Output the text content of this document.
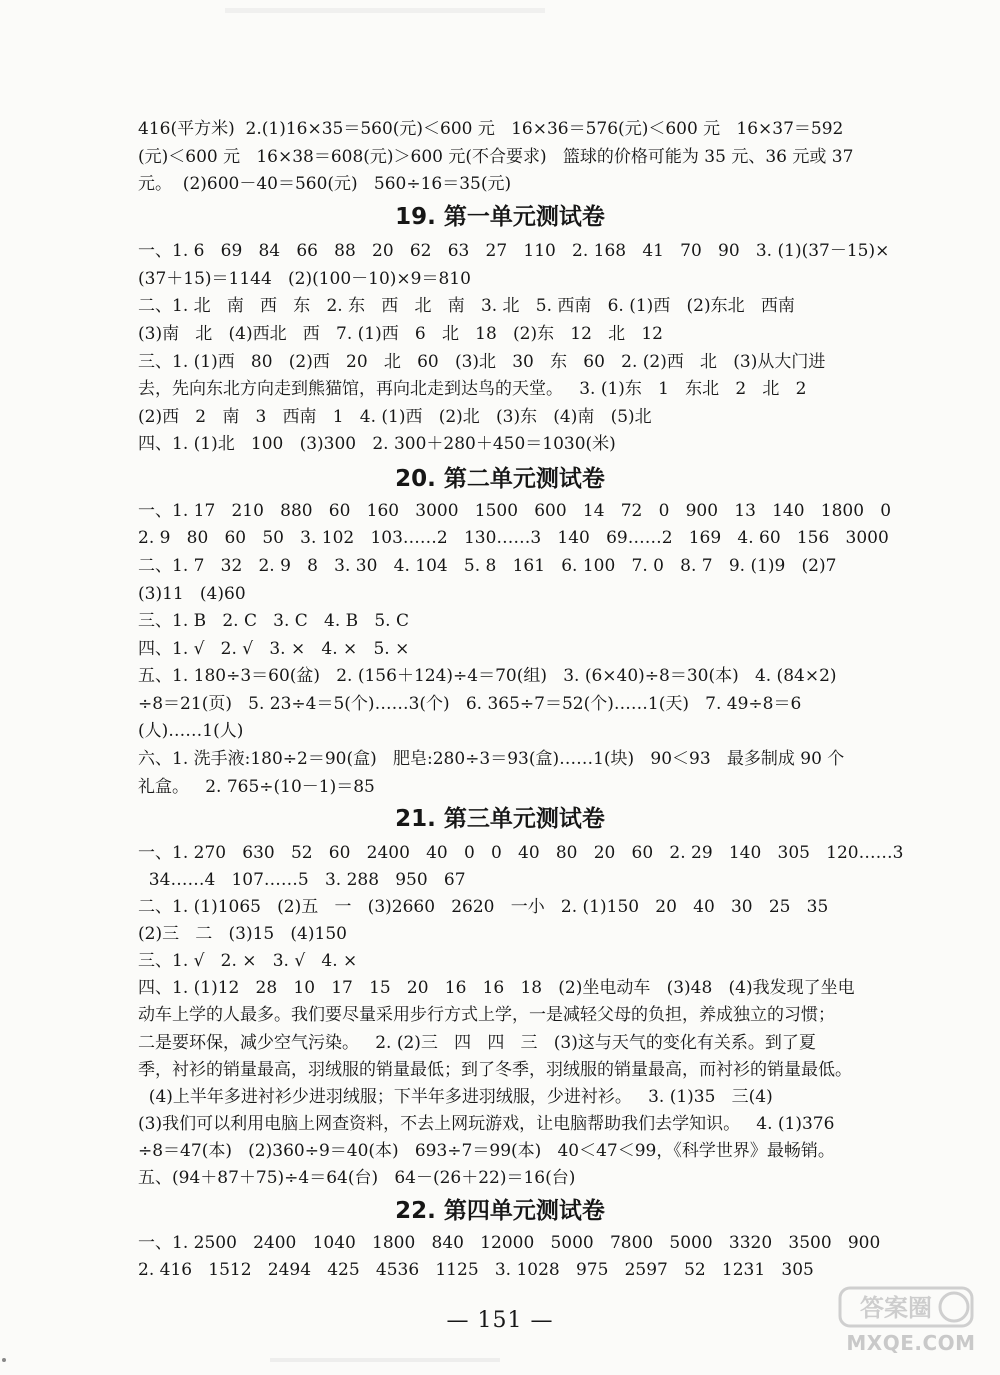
416(平方米)  2.(1)16×35＝560(元)＜600 元   16×36＝576(元)＜600 元   16×37＝592
(元)＜600 元   16×38＝608(元)＞600 元(不合要求)   篮球的价格可能为 35 元、36 元或 37
元。  (2)600－40＝560(元)   560÷16＝35(元)
19. 第一单元测试卷
一、1. 6   69   84   66   88   20   62   63   27   110   2. 168   41   70   90   3. (1)(37－15)×
(37＋15)＝1144   (2)(100－10)×9＝810
二、1. 北   南   西   东   2. 东   西   北   南   3. 北   5. 西南   6. (1)西   (2)东北   西南
(3)南   北   (4)西北   西   7. (1)西   6   北   18   (2)东   12   北   12
三、1. (1)西   80   (2)西   20   北   60   (3)北   30   东   60   2. (2)西   北   (3)从大门进
去，先向东北方向走到熊猫馆，再向北走到达鸟的天堂。   3. (1)东   1   东北   2   北   2
(2)西   2   南   3   西南   1   4. (1)西   (2)北   (3)东   (4)南   (5)北
四、1. (1)北   100   (3)300   2. 300＋280＋450＝1030(米)
20. 第二单元测试卷
一、1. 17   210   880   60   160   3000   1500   600   14   72   0   900   13   140   1800   0
2. 9   80   60   50   3. 102   103……2   130……3   140   69……2   169   4. 60   156   3000
二、1. 7   32   2. 9   8   3. 30   4. 104   5. 8   161   6. 100   7. 0   8. 7   9. (1)9   (2)7
(3)11   (4)60
三、1. B   2. C   3. C   4. B   5. C
四、1. √   2. √   3. ×   4. ×   5. ×
五、1. 180÷3＝60(盆)   2. (156＋124)÷4＝70(组)   3. (6×40)÷8＝30(本)   4. (84×2)
÷8＝21(页)   5. 23÷4＝5(个)……3(个)   6. 365÷7＝52(个)……1(天)   7. 49÷8＝6
(人)……1(人)
六、1. 洗手液:180÷2＝90(盒)   肥皂:280÷3＝93(盒)……1(块)   90＜93   最多制成 90 个
礼盒。   2. 765÷(10－1)＝85
21. 第三单元测试卷
一、1. 270   630   52   60   2400   40   0   0   40   80   20   60   2. 29   140   305   120……3
34……4   107……5   3. 288   950   67
二、1. (1)1065   (2)五   一   (3)2660   2620   一小   2. (1)150   20   40   30   25   35
(2)三   二   (3)15   (4)150
三、1. √   2. ×   3. √   4. ×
四、1. (1)12   28   10   17   15   20   16   16   18   (2)坐电动车   (3)48   (4)我发现了坐电
动车上学的人最多。我们要尽量采用步行方式上学，一是减轻父母的负担，养成独立的习惯；
二是要环保，减少空气污染。   2. (2)三   四   四   三   (3)这与天气的变化有关系。到了夏
季，衬衫的销量最高，羽绒服的销量最低；到了冬季，羽绒服的销量最高，而衬衫的销量最低。
(4)上半年多进衬衫少进羽绒服；下半年多进羽绒服，少进衬衫。   3. (1)35   三(4)
(3)我们可以利用电脑上网查资料，不去上网玩游戏，让电脑帮助我们去学知识。   4. (1)376
÷8＝47(本)   (2)360÷9＝40(本)   693÷7＝99(本)   40＜47＜99，《科学世界》最畅销。
五、(94＋87＋75)÷4＝64(台)   64－(26＋22)＝16(台)
22. 第四单元测试卷
一、1. 2500   2400   1040   1800   840   12000   5000   7800   5000   3320   3500   900
2. 416   1512   2494   425   4536   1125   3. 1028   975   2597   52   1231   305
— 151 —	答案圈
MXQE.COM
